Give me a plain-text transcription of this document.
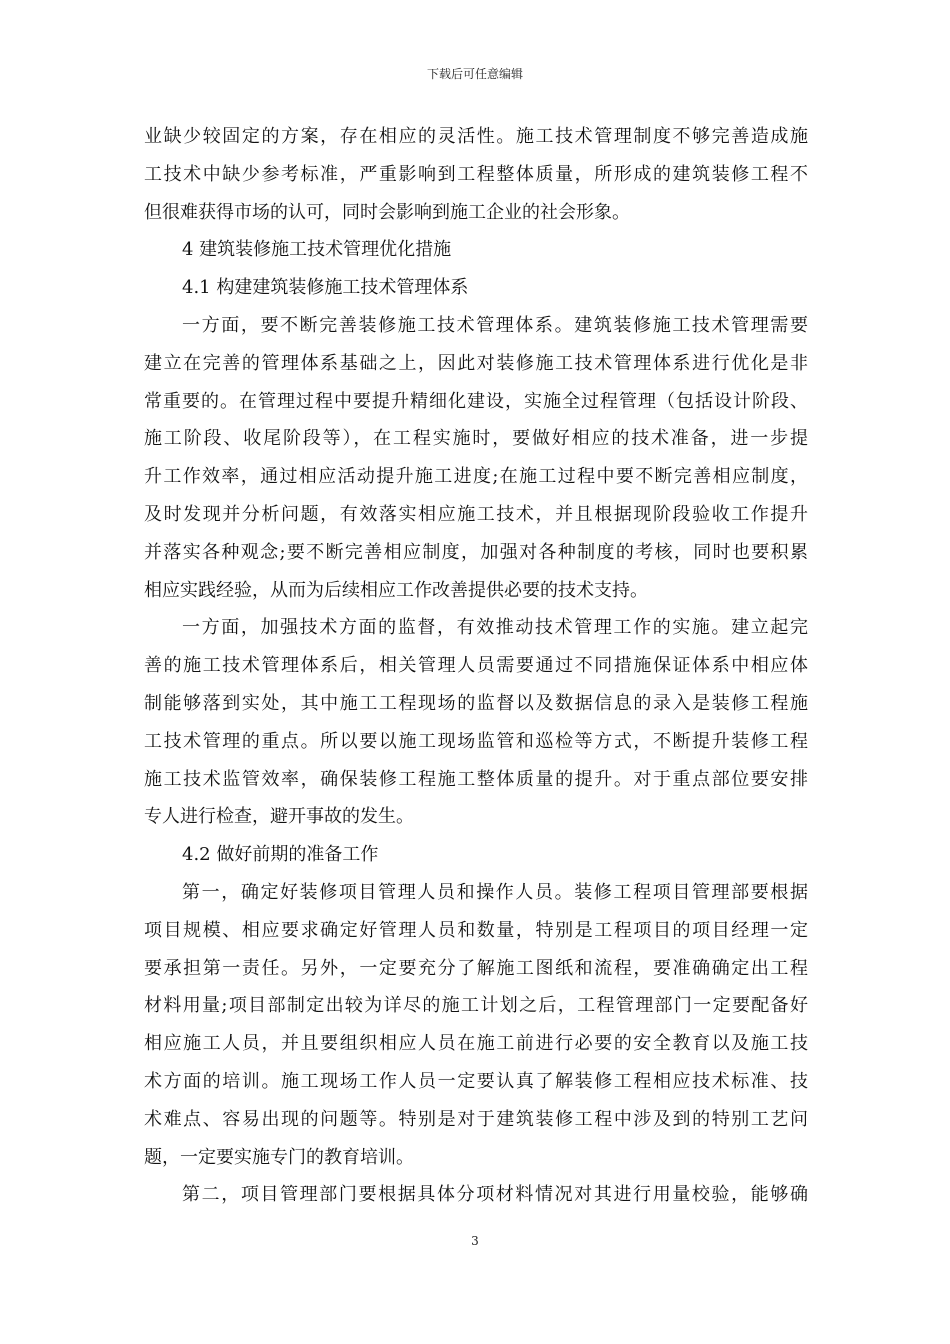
下载后可任意编辑
业缺少较固定的方案，存在相应的灵活性。施工技术管理制度不够完善造成施
工技术中缺少参考标准，严重影响到工程整体质量，所形成的建筑装修工程不
但很难获得市场的认可，同时会影响到施工企业的社会形象。
4 建筑装修施工技术管理优化措施
4.1 构建建筑装修施工技术管理体系
一方面，要不断完善装修施工技术管理体系。建筑装修施工技术管理需要
建立在完善的管理体系基础之上，因此对装修施工技术管理体系进行优化是非
常重要的。在管理过程中要提升精细化建设，实施全过程管理（包括设计阶段、
施工阶段、收尾阶段等），在工程实施时，要做好相应的技术准备，进一步提
升工作效率，通过相应活动提升施工进度;在施工过程中要不断完善相应制度，
及时发现并分析问题，有效落实相应施工技术，并且根据现阶段验收工作提升
并落实各种观念;要不断完善相应制度，加强对各种制度的考核，同时也要积累
相应实践经验，从而为后续相应工作改善提供必要的技术支持。
一方面，加强技术方面的监督，有效推动技术管理工作的实施。建立起完
善的施工技术管理体系后，相关管理人员需要通过不同措施保证体系中相应体
制能够落到实处，其中施工工程现场的监督以及数据信息的录入是装修工程施
工技术管理的重点。所以要以施工现场监管和巡检等方式，不断提升装修工程
施工技术监管效率，确保装修工程施工整体质量的提升。对于重点部位要安排
专人进行检查，避开事故的发生。
4.2 做好前期的准备工作
第一，确定好装修项目管理人员和操作人员。装修工程项目管理部要根据
项目规模、相应要求确定好管理人员和数量，特别是工程项目的项目经理一定
要承担第一责任。另外，一定要充分了解施工图纸和流程，要准确确定出工程
材料用量;项目部制定出较为详尽的施工计划之后，工程管理部门一定要配备好
相应施工人员，并且要组织相应人员在施工前进行必要的安全教育以及施工技
术方面的培训。施工现场工作人员一定要认真了解装修工程相应技术标准、技
术难点、容易出现的问题等。特别是对于建筑装修工程中涉及到的特别工艺问
题，一定要实施专门的教育培训。
第二，项目管理部门要根据具体分项材料情况对其进行用量校验，能够确
3
